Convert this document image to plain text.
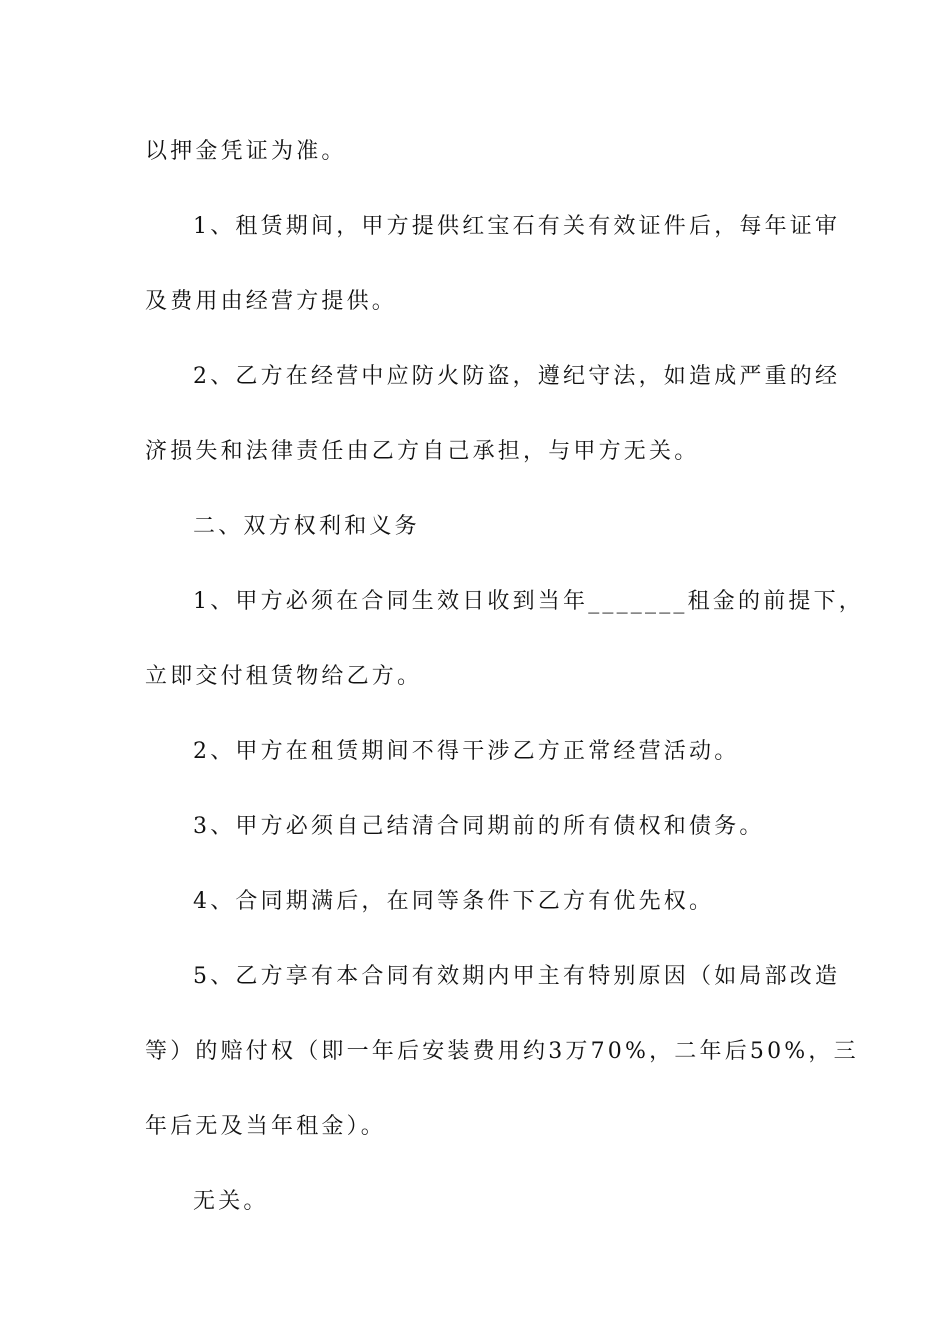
以押金凭证为准。
1、租赁期间，甲方提供红宝石有关有效证件后，每年证审
及费用由经营方提供。
2、乙方在经营中应防火防盗，遵纪守法，如造成严重的经
济损失和法律责任由乙方自己承担，与甲方无关。
二、双方权利和义务
1、甲方必须在合同生效日收到当年_______租金的前提下，
立即交付租赁物给乙方。
2、甲方在租赁期间不得干涉乙方正常经营活动。
3、甲方必须自己结清合同期前的所有债权和债务。
4、合同期满后，在同等条件下乙方有优先权。
5、乙方享有本合同有效期内甲主有特别原因（如局部改造
等）的赔付权（即一年后安装费用约3万70%，二年后50%，三
年后无及当年租金）。
无关。
